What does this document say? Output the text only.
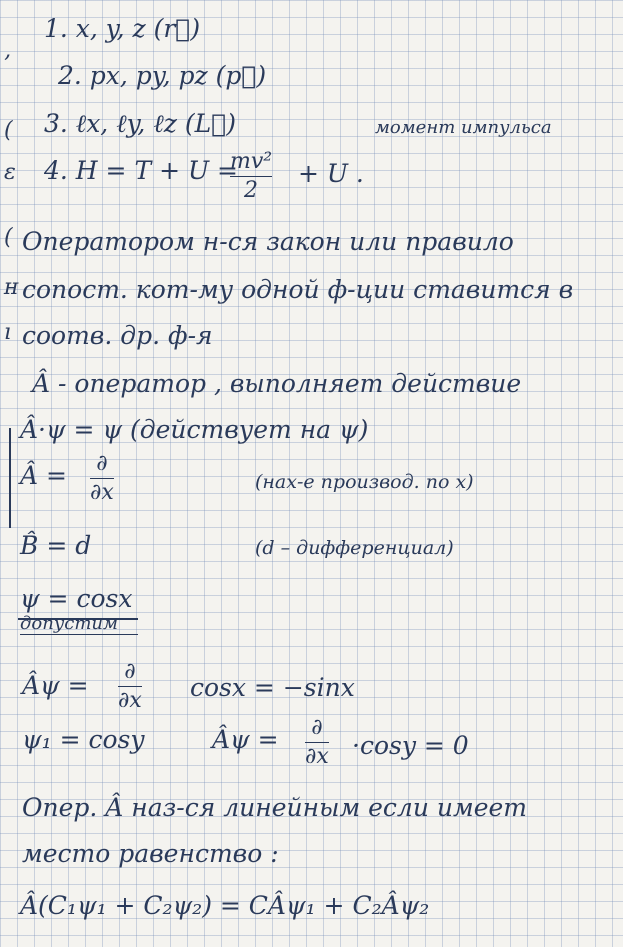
‚
(
ε
(
ʜ
ı
1. x, y, z (r⃗)
2. px, py, pz (p⃗)
3. ℓx, ℓy, ℓz (L⃗)	момент импульса
4. H = T + U =
mv²
2
+ U .
Оператором н-ся закон или правило
сопост. кот-му одной ф-ции ставится в
соотв. др. ф-я
Â - оператор , выполняет действие
Â·ψ = ψ (действует на ψ)
Â = ∂
∂x	(нах-е производ. по x)
B̂ = d	(d – дифференциал)
ψ = cosx
допустим
Âψ = ∂
∂x cosx = −sinx
ψ₁ = cosy	Âψ = ∂
∂x ·cosy = 0
Опер. Â наз-ся линейным если имеет
место равенство :
Â(C₁ψ₁ + C₂ψ₂) = CÂψ₁ + C₂Âψ₂
